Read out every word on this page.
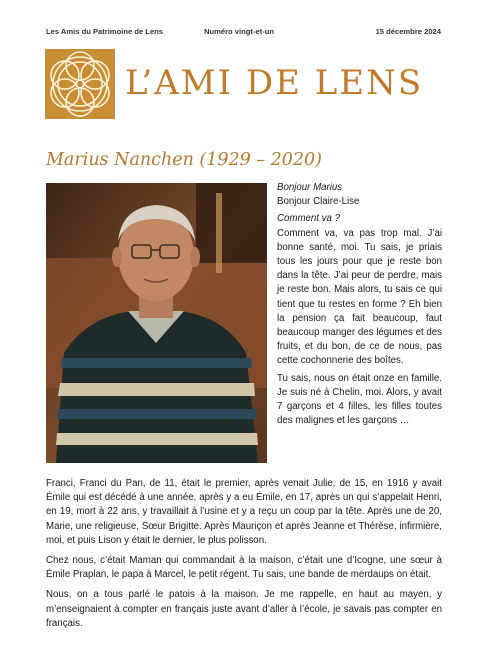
Les Amis du Patrimoine de Lens	Numéro vingt-et-un	15 décembre 2024
L’AMI DE LENS
Marius Nanchen (1929 – 2020)

Bonjour Marius

Bonjour Claire-Lise

Comment va ?

Comment va, va pas trop mal. J’ai bonne santé, moi. Tu sais, je priais tous les jours pour que je reste bon dans la tête. J’ai peur de perdre, mais je reste bon. Mais alors, tu sais ce qui tient que tu restes en forme ? Eh bien la pension ça fait beaucoup, faut beaucoup manger des légumes et des fruits, et du bon, de ce de nous, pas cette cochonnerie des boîtes.

Tu sais, nous on était onze en famille. Je suis né à Chelin, moi. Alors, y avait 7 garçons et 4 filles, les filles toutes des malignes et les garçons …

Franci, Franci du Pan, de 11, était le premier, après venait Julie, de 15, en 1916 y avait Émile qui est décédé à une année, après y a eu Émile, en 17, après un qui s’appelait Henri, en 19, mort à 22 ans, y travaillait à l’usine et y a reçu un coup par la tête. Après une de 20, Marie, une religieuse, Sœur Brigitte. Après Mauriçon et après Jeanne et Thérèse, infirmière, moi, et puis Lison y était le dernier, le plus polisson.

Chez nous, c’était Maman qui commandait à la maison, c’était une d’Icogne, une sœur à Émile Praplan, le papa à Marcel, le petit régent. Tu sais, une bande de merdaups on était.

Nous, on a tous parlé le patois à la maison. Je me rappelle, en haut au mayen, y m’enseignaient à compter en français juste avant d’aller à l’école, je savais pas compter en français.
